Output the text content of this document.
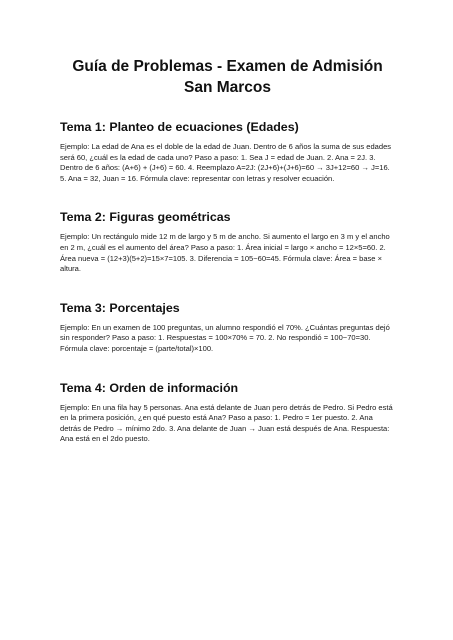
Guía de Problemas - Examen de Admisión San Marcos
Tema 1: Planteo de ecuaciones (Edades)

Ejemplo: La edad de Ana es el doble de la edad de Juan. Dentro de 6 años la suma de sus edades será 60, ¿cuál es la edad de cada uno? Paso a paso: 1. Sea J = edad de Juan. 2. Ana = 2J. 3. Dentro de 6 años: (A+6) + (J+6) = 60. 4. Reemplazo A=2J: (2J+6)+(J+6)=60 → 3J+12=60 → J=16. 5. Ana = 32, Juan = 16. Fórmula clave: representar con letras y resolver ecuación.

Tema 2: Figuras geométricas

Ejemplo: Un rectángulo mide 12 m de largo y 5 m de ancho. Si aumento el largo en 3 m y el ancho en 2 m, ¿cuál es el aumento del área? Paso a paso: 1. Área inicial = largo × ancho = 12×5=60. 2. Área nueva = (12+3)(5+2)=15×7=105. 3. Diferencia = 105−60=45. Fórmula clave: Área = base × altura.

Tema 3: Porcentajes

Ejemplo: En un examen de 100 preguntas, un alumno respondió el 70%. ¿Cuántas preguntas dejó sin responder? Paso a paso: 1. Respuestas = 100×70% = 70. 2. No respondió = 100−70=30. Fórmula clave: porcentaje = (parte/total)×100.

Tema 4: Orden de información

Ejemplo: En una fila hay 5 personas. Ana está delante de Juan pero detrás de Pedro. Si Pedro está en la primera posición, ¿en qué puesto está Ana? Paso a paso: 1. Pedro = 1er puesto. 2. Ana detrás de Pedro → mínimo 2do. 3. Ana delante de Juan → Juan está después de Ana. Respuesta: Ana está en el 2do puesto.
